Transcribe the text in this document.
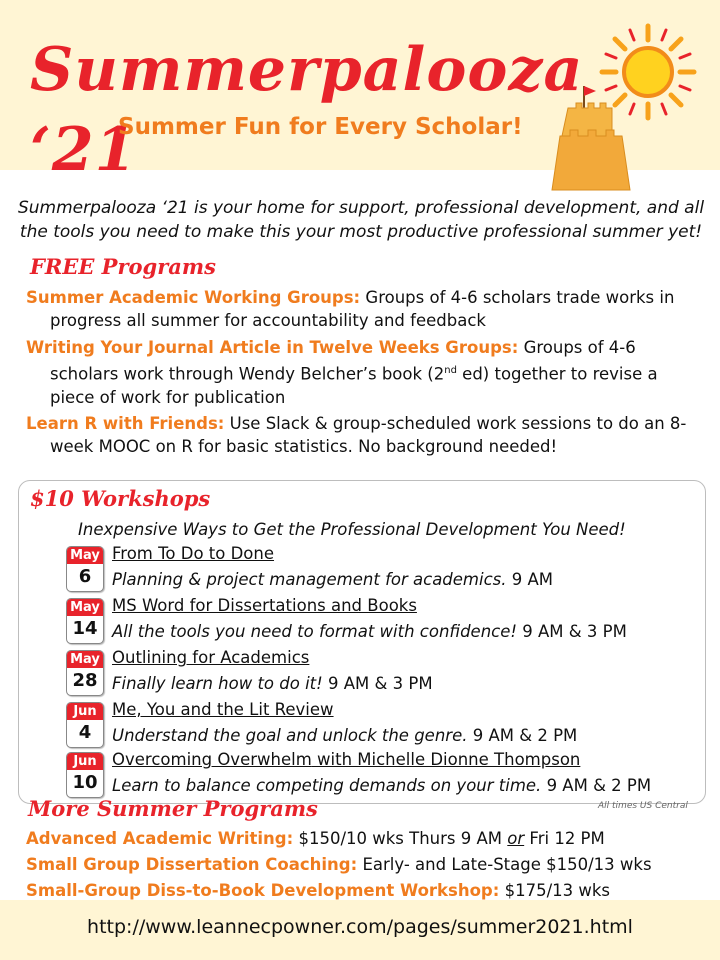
Summerpalooza ‘21
Summer Fun for Every Scholar!
Summerpalooza ‘21 is your home for support, professional development, and all the tools you need to make this your most productive professional summer yet!
FREE Programs
Summer Academic Working Groups: Groups of 4-6 scholars trade works in progress all summer for accountability and feedback
Writing Your Journal Article in Twelve Weeks Groups: Groups of 4-6 scholars work through Wendy Belcher’s book (2nd ed) together to revise a piece of work for publication
Learn R with Friends: Use Slack & group-scheduled work sessions to do an 8-week MOOC on R for basic statistics. No background needed!
$10 Workshops
Inexpensive Ways to Get the Professional Development You Need!
May
6
From To Do to Done
Planning & project management for academics. 9 AM
May
14
MS Word for Dissertations and Books
All the tools you need to format with confidence! 9 AM & 3 PM
May
28
Outlining for Academics
Finally learn how to do it! 9 AM & 3 PM
Jun
4
Me, You and the Lit Review
Understand the goal and unlock the genre. 9 AM & 2 PM
Jun
10
Overcoming Overwhelm with Michelle Dionne Thompson
Learn to balance competing demands on your time. 9 AM & 2 PM
All times US Central
More Summer Programs
Advanced Academic Writing: $150/10 wks Thurs 9 AM or Fri 12 PM
Small Group Dissertation Coaching: Early- and Late-Stage $150/13 wks
Small-Group Diss-to-Book Development Workshop: $175/13 wks
http://www.leannecpowner.com/pages/summer2021.html
